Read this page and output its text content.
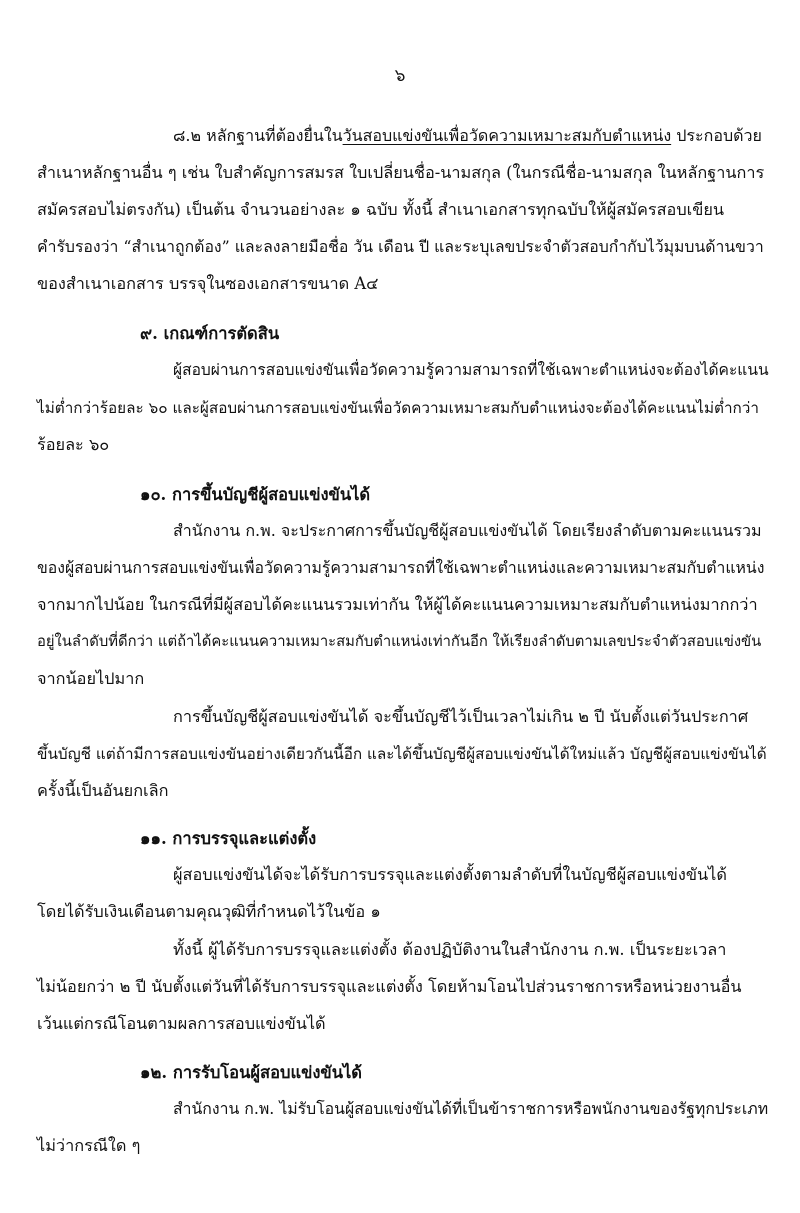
๖
๘.๒ หลักฐานที่ต้องยื่นในวันสอบแข่งขันเพื่อวัดความเหมาะสมกับตำแหน่ง ประกอบด้วย
สำเนาหลักฐานอื่น ๆ เช่น ใบสำคัญการสมรส ใบเปลี่ยนชื่อ-นามสกุล (ในกรณีชื่อ-นามสกุล ในหลักฐานการ
สมัครสอบไม่ตรงกัน) เป็นต้น จำนวนอย่างละ ๑ ฉบับ ทั้งนี้ สำเนาเอกสารทุกฉบับให้ผู้สมัครสอบเขียน
คำรับรองว่า “สำเนาถูกต้อง” และลงลายมือชื่อ วัน เดือน ปี และระบุเลขประจำตัวสอบกำกับไว้มุมบนด้านขวา
ของสำเนาเอกสาร บรรจุในซองเอกสารขนาด A๔
๙. เกณฑ์การตัดสิน
ผู้สอบผ่านการสอบแข่งขันเพื่อวัดความรู้ความสามารถที่ใช้เฉพาะตำแหน่งจะต้องได้คะแนน
ไม่ต่ำกว่าร้อยละ ๖๐ และผู้สอบผ่านการสอบแข่งขันเพื่อวัดความเหมาะสมกับตำแหน่งจะต้องได้คะแนนไม่ต่ำกว่า
ร้อยละ ๖๐
๑๐. การขึ้นบัญชีผู้สอบแข่งขันได้
สำนักงาน ก.พ. จะประกาศการขึ้นบัญชีผู้สอบแข่งขันได้ โดยเรียงลำดับตามคะแนนรวม
ของผู้สอบผ่านการสอบแข่งขันเพื่อวัดความรู้ความสามารถที่ใช้เฉพาะตำแหน่งและความเหมาะสมกับตำแหน่ง
จากมากไปน้อย ในกรณีที่มีผู้สอบได้คะแนนรวมเท่ากัน ให้ผู้ได้คะแนนความเหมาะสมกับตำแหน่งมากกว่า
อยู่ในลำดับที่ดีกว่า แต่ถ้าได้คะแนนความเหมาะสมกับตำแหน่งเท่ากันอีก ให้เรียงลำดับตามเลขประจำตัวสอบแข่งขัน
จากน้อยไปมาก
การขึ้นบัญชีผู้สอบแข่งขันได้ จะขึ้นบัญชีไว้เป็นเวลาไม่เกิน ๒ ปี นับตั้งแต่วันประกาศ
ขึ้นบัญชี แต่ถ้ามีการสอบแข่งขันอย่างเดียวกันนี้อีก และได้ขึ้นบัญชีผู้สอบแข่งขันได้ใหม่แล้ว บัญชีผู้สอบแข่งขันได้
ครั้งนี้เป็นอันยกเลิก
๑๑. การบรรจุและแต่งตั้ง
ผู้สอบแข่งขันได้จะได้รับการบรรจุและแต่งตั้งตามลำดับที่ในบัญชีผู้สอบแข่งขันได้
โดยได้รับเงินเดือนตามคุณวุฒิที่กำหนดไว้ในข้อ ๑
ทั้งนี้ ผู้ได้รับการบรรจุและแต่งตั้ง ต้องปฏิบัติงานในสำนักงาน ก.พ. เป็นระยะเวลา
ไม่น้อยกว่า ๒ ปี นับตั้งแต่วันที่ได้รับการบรรจุและแต่งตั้ง โดยห้ามโอนไปส่วนราชการหรือหน่วยงานอื่น
เว้นแต่กรณีโอนตามผลการสอบแข่งขันได้
๑๒. การรับโอนผู้สอบแข่งขันได้
สำนักงาน ก.พ. ไม่รับโอนผู้สอบแข่งขันได้ที่เป็นข้าราชการหรือพนักงานของรัฐทุกประเภท
ไม่ว่ากรณีใด ๆ
